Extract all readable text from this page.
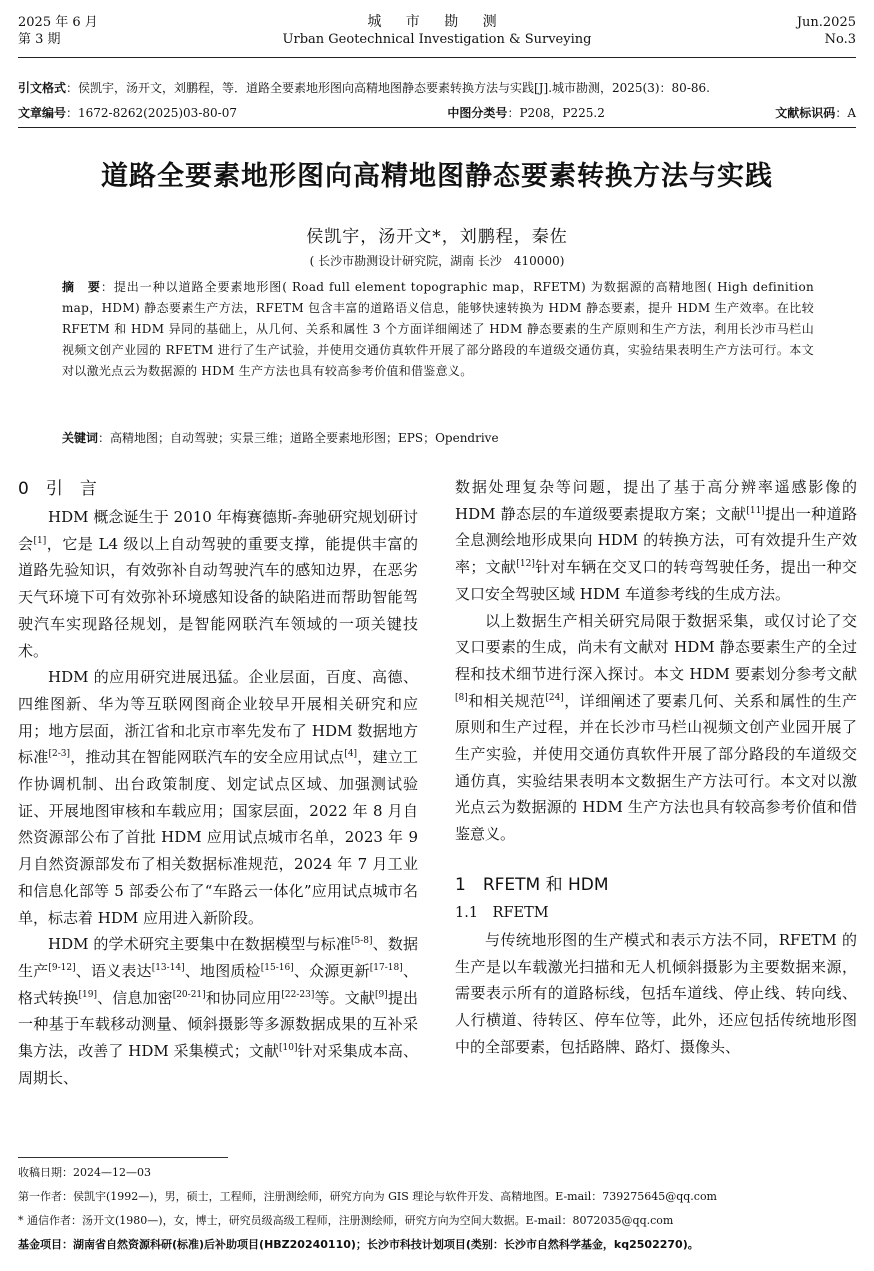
2025 年 6 月
第 3 期
城 市 勘 测
Urban Geotechnical Investigation & Surveying
Jun.2025
No.3
引文格式：侯凯宇，汤开文，刘鹏程，等．道路全要素地形图向高精地图静态要素转换方法与实践[J].城市勘测，2025(3)：80-86.
文章编号：1672-8262(2025)03-80-07	中图分类号：P208，P225.2	文献标识码：A
道路全要素地形图向高精地图静态要素转换方法与实践
侯凯宇，汤开文*，刘鹏程，秦佐
( 长沙市勘测设计研究院，湖南 长沙　410000)
摘　要：提出一种以道路全要素地形图( Road full element topographic map，RFETM) 为数据源的高精地图( High definition map，HDM) 静态要素生产方法，RFETM 包含丰富的道路语义信息，能够快速转换为 HDM 静态要素，提升 HDM 生产效率。在比较 RFETM 和 HDM 异同的基础上，从几何、关系和属性 3 个方面详细阐述了 HDM 静态要素的生产原则和生产方法，利用长沙市马栏山视频文创产业园的 RFETM 进行了生产试验，并使用交通仿真软件开展了部分路段的车道级交通仿真，实验结果表明生产方法可行。本文对以激光点云为数据源的 HDM 生产方法也具有较高参考价值和借鉴意义。
关键词：高精地图；自动驾驶；实景三维；道路全要素地形图；EPS；Opendrive

0　引　言

HDM 概念诞生于 2010 年梅赛德斯-奔驰研究规划研讨会[1]，它是 L4 级以上自动驾驶的重要支撑，能提供丰富的道路先验知识，有效弥补自动驾驶汽车的感知边界，在恶劣天气环境下可有效弥补环境感知设备的缺陷进而帮助智能驾驶汽车实现路径规划，是智能网联汽车领域的一项关键技术。

HDM 的应用研究进展迅猛。企业层面，百度、高德、四维图新、华为等互联网图商企业较早开展相关研究和应用；地方层面，浙江省和北京市率先发布了 HDM 数据地方标准[2-3]，推动其在智能网联汽车的安全应用试点[4]，建立工作协调机制、出台政策制度、划定试点区域、加强测试验证、开展地图审核和车载应用；国家层面，2022 年 8 月自然资源部公布了首批 HDM 应用试点城市名单，2023 年 9 月自然资源部发布了相关数据标准规范，2024 年 7 月工业和信息化部等 5 部委公布了“车路云一体化”应用试点城市名单，标志着 HDM 应用进入新阶段。

HDM 的学术研究主要集中在数据模型与标准[5-8]、数据生产[9-12]、语义表达[13-14]、地图质检[15-16]、众源更新[17-18]、格式转换[19]、信息加密[20-21]和协同应用[22-23]等。文献[9]提出一种基于车载移动测量、倾斜摄影等多源数据成果的互补采集方法，改善了 HDM 采集模式；文献[10]针对采集成本高、周期长、

数据处理复杂等问题，提出了基于高分辨率遥感影像的 HDM 静态层的车道级要素提取方案；文献[11]提出一种道路全息测绘地形成果向 HDM 的转换方法，可有效提升生产效率；文献[12]针对车辆在交叉口的转弯驾驶任务，提出一种交叉口安全驾驶区域 HDM 车道参考线的生成方法。

以上数据生产相关研究局限于数据采集，或仅讨论了交叉口要素的生成，尚未有文献对 HDM 静态要素生产的全过程和技术细节进行深入探讨。本文 HDM 要素划分参考文献[8]和相关规范[24]，详细阐述了要素几何、关系和属性的生产原则和生产过程，并在长沙市马栏山视频文创产业园开展了生产实验，并使用交通仿真软件开展了部分路段的车道级交通仿真，实验结果表明本文数据生产方法可行。本文对以激光点云为数据源的 HDM 生产方法也具有较高参考价值和借鉴意义。

1　RFETM 和 HDM

1.1　RFETM

与传统地形图的生产模式和表示方法不同，RFETM 的生产是以车载激光扫描和无人机倾斜摄影为主要数据来源，需要表示所有的道路标线，包括车道线、停止线、转向线、人行横道、待转区、停车位等，此外，还应包括传统地形图中的全部要素，包括路牌、路灯、摄像头、

收稿日期：2024—12—03
第一作者：侯凯宇(1992—)，男，硕士，工程师，注册测绘师，研究方向为 GIS 理论与软件开发、高精地图。E-mail：739275645@qq.com
* 通信作者：汤开文(1980—)，女，博士，研究员级高级工程师，注册测绘师，研究方向为空间大数据。E-mail：8072035@qq.com
基金项目：湖南省自然资源科研(标准)后补助项目(HBZ20240110)；长沙市科技计划项目(类别：长沙市自然科学基金，kq2502270)。
